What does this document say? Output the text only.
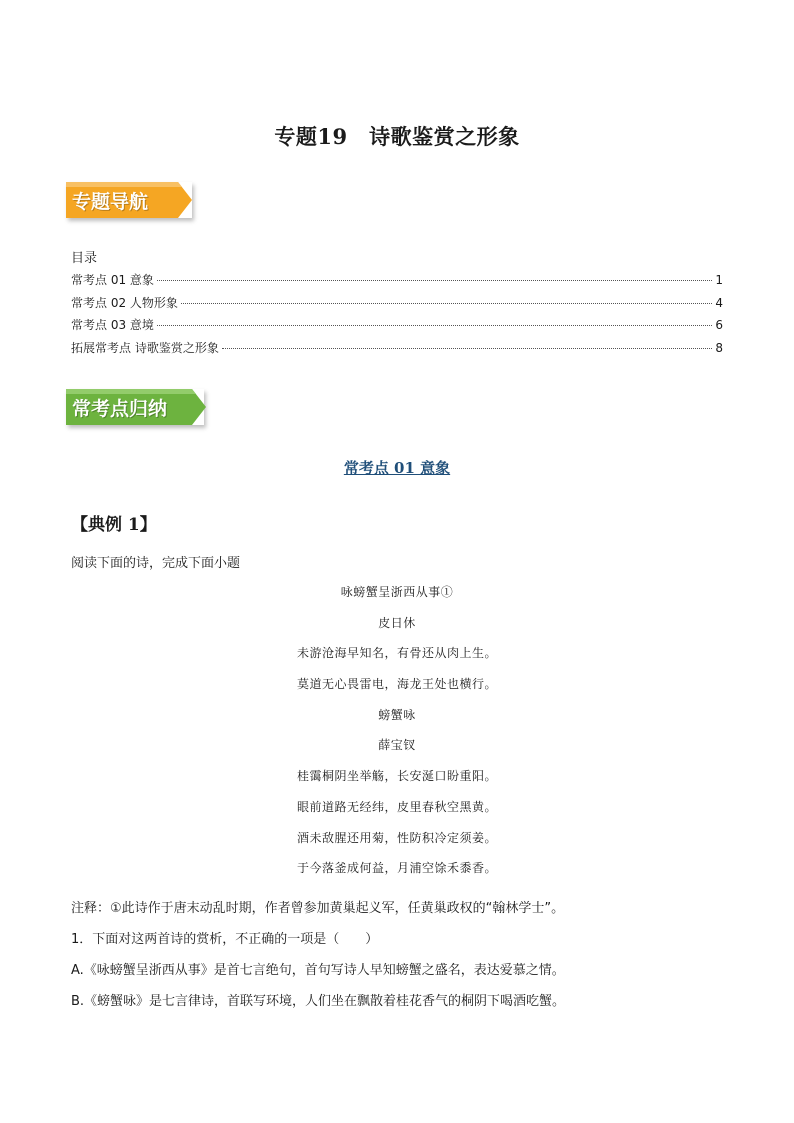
专题19　诗歌鉴赏之形象
专题导航
目录
常考点 01 意象	1
常考点 02 人物形象	4
常考点 03 意境	6
拓展常考点 诗歌鉴赏之形象	8
常考点归纳
常考点 01 意象
【典例 1】
阅读下面的诗，完成下面小题
咏螃蟹呈浙西从事①
皮日休
未游沧海早知名，有骨还从肉上生。
莫道无心畏雷电，海龙王处也横行。
螃蟹咏
薛宝钗
桂霭桐阴坐举觞，长安涎口盼重阳。
眼前道路无经纬，皮里春秋空黑黄。
酒未敌腥还用菊，性防积冷定须姜。
于今落釜成何益，月浦空馀禾黍香。
注释：①此诗作于唐末动乱时期，作者曾参加黄巢起义军，任黄巢政权的“翰林学士”。
1．下面对这两首诗的赏析，不正确的一项是（　　）
A.《咏螃蟹呈浙西从事》是首七言绝句，首句写诗人早知螃蟹之盛名，表达爱慕之情。
B.《螃蟹咏》是七言律诗，首联写环境，人们坐在飘散着桂花香气的桐阴下喝酒吃蟹。
